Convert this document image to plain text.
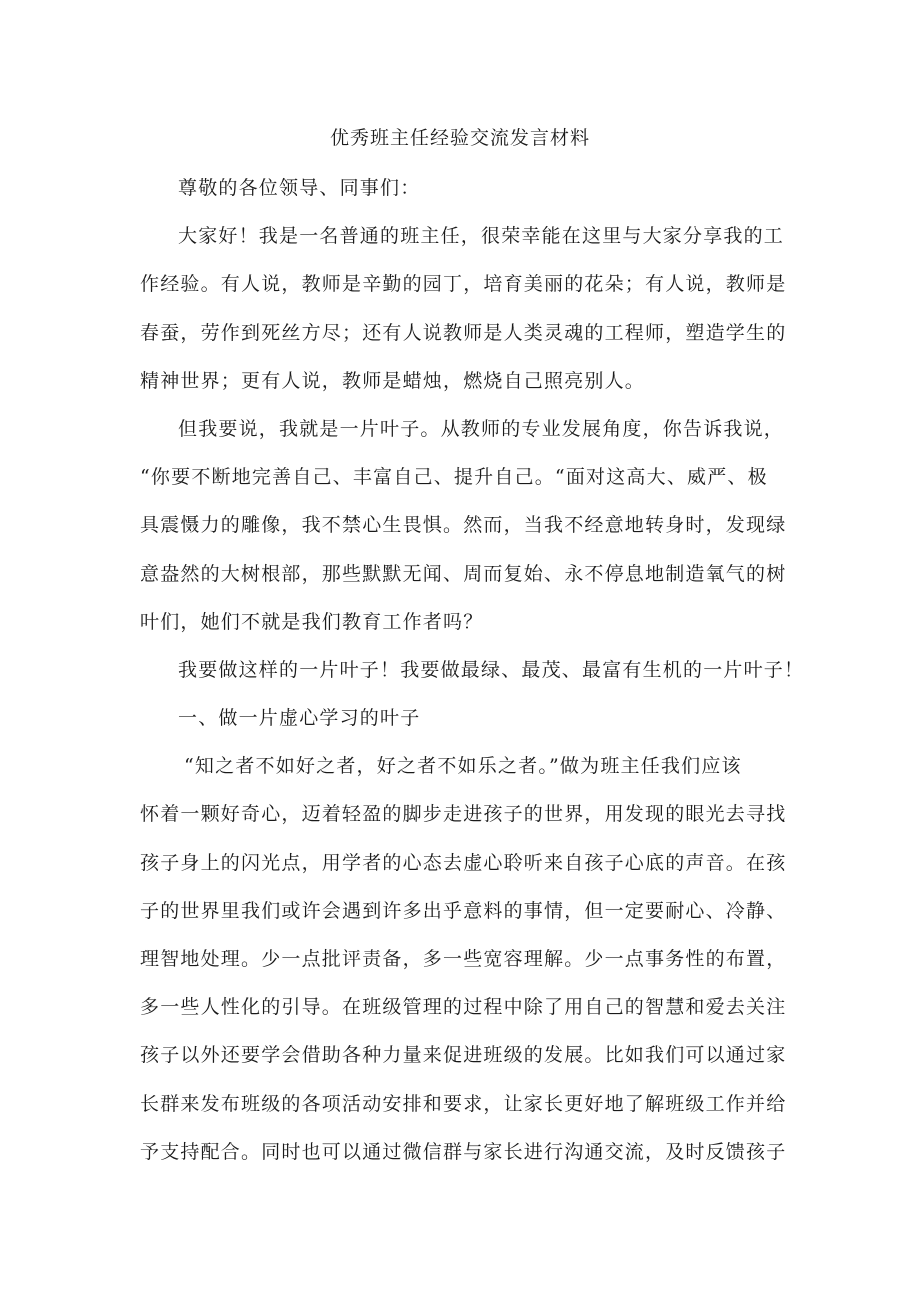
优秀班主任经验交流发言材料
尊敬的各位领导、同事们：
大家好！我是一名普通的班主任，很荣幸能在这里与大家分享我的工
作经验。有人说，教师是辛勤的园丁，培育美丽的花朵；有人说，教师是
春蚕，劳作到死丝方尽；还有人说教师是人类灵魂的工程师，塑造学生的
精神世界；更有人说，教师是蜡烛，燃烧自己照亮别人。
但我要说，我就是一片叶子。从教师的专业发展角度，你告诉我说，
“你要不断地完善自己、丰富自己、提升自己。“面对这高大、威严、极
具震慑力的雕像，我不禁心生畏惧。然而，当我不经意地转身时，发现绿
意盎然的大树根部，那些默默无闻、周而复始、永不停息地制造氧气的树
叶们，她们不就是我们教育工作者吗？
我要做这样的一片叶子！我要做最绿、最茂、最富有生机的一片叶子！
一、做一片虚心学习的叶子
“知之者不如好之者，好之者不如乐之者。”做为班主任我们应该
怀着一颗好奇心，迈着轻盈的脚步走进孩子的世界，用发现的眼光去寻找
孩子身上的闪光点，用学者的心态去虚心聆听来自孩子心底的声音。在孩
子的世界里我们或许会遇到许多出乎意料的事情，但一定要耐心、冷静、
理智地处理。少一点批评责备，多一些宽容理解。少一点事务性的布置，
多一些人性化的引导。在班级管理的过程中除了用自己的智慧和爱去关注
孩子以外还要学会借助各种力量来促进班级的发展。比如我们可以通过家
长群来发布班级的各项活动安排和要求，让家长更好地了解班级工作并给
予支持配合。同时也可以通过微信群与家长进行沟通交流，及时反馈孩子
